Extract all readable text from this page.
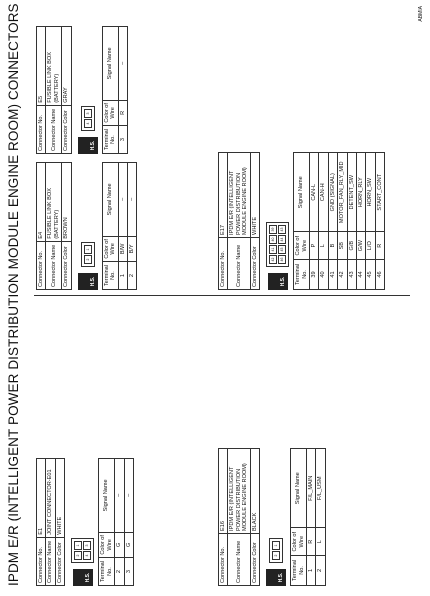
IPDM E/R (INTELLIGENT POWER DISTRIBUTION MODULE ENGINE ROOM) CONNECTORS	Connector No.	E5
Connector Name	FUSIBLE LINK BOX (BATTERY)
Connector Color	GRAY
H.S.
4
3
Terminal No.	Color of Wire	Signal Name
3	R	–
Connector No.	E4
Connector Name	FUSIBLE LINK BOX (BATTERY)
Connector Color	BROWN
H.S.
2
1
Terminal No.	Color of Wire	Signal Name
1	B/W	–
2	B/Y	–
Connector No.	E17
Connector Name	IPDM E/R (INTELLIGENT POWER DISTRIBUTION MODULE ENGINE ROOM)
Connector Color	WHITE
H.S.
42
41
40
39
46
45
44
43
Terminal No.	Color of Wire	Signal Name
39	P	CAN-L
40	L	CAN-H
41	B	GND (SIGNAL)
42	SB	MOTOR_FAN_RLY_MID
43	G/B	DETENT_SW
44	G/W	HORN_RLY
45	L/O	HORN_SW
46	R	START_CONT
Connector No.	E1
Connector Name	JOINT CONNECTOR-E01
Connector Color	WHITE
H.S.
2
1
4
3
Terminal No.	Color of Wire	Signal Name
2	G	–
3	G	–
Connector No.	E16
Connector Name	IPDM E/R (INTELLIGENT POWER DISTRIBUTION MODULE ENGINE ROOM)
Connector Color	BLACK
H.S.
2
1
Terminal No.	Color of Wire	Signal Name
1	R	F/L_MAIN
2	L	F/L_USM
ABMIA
